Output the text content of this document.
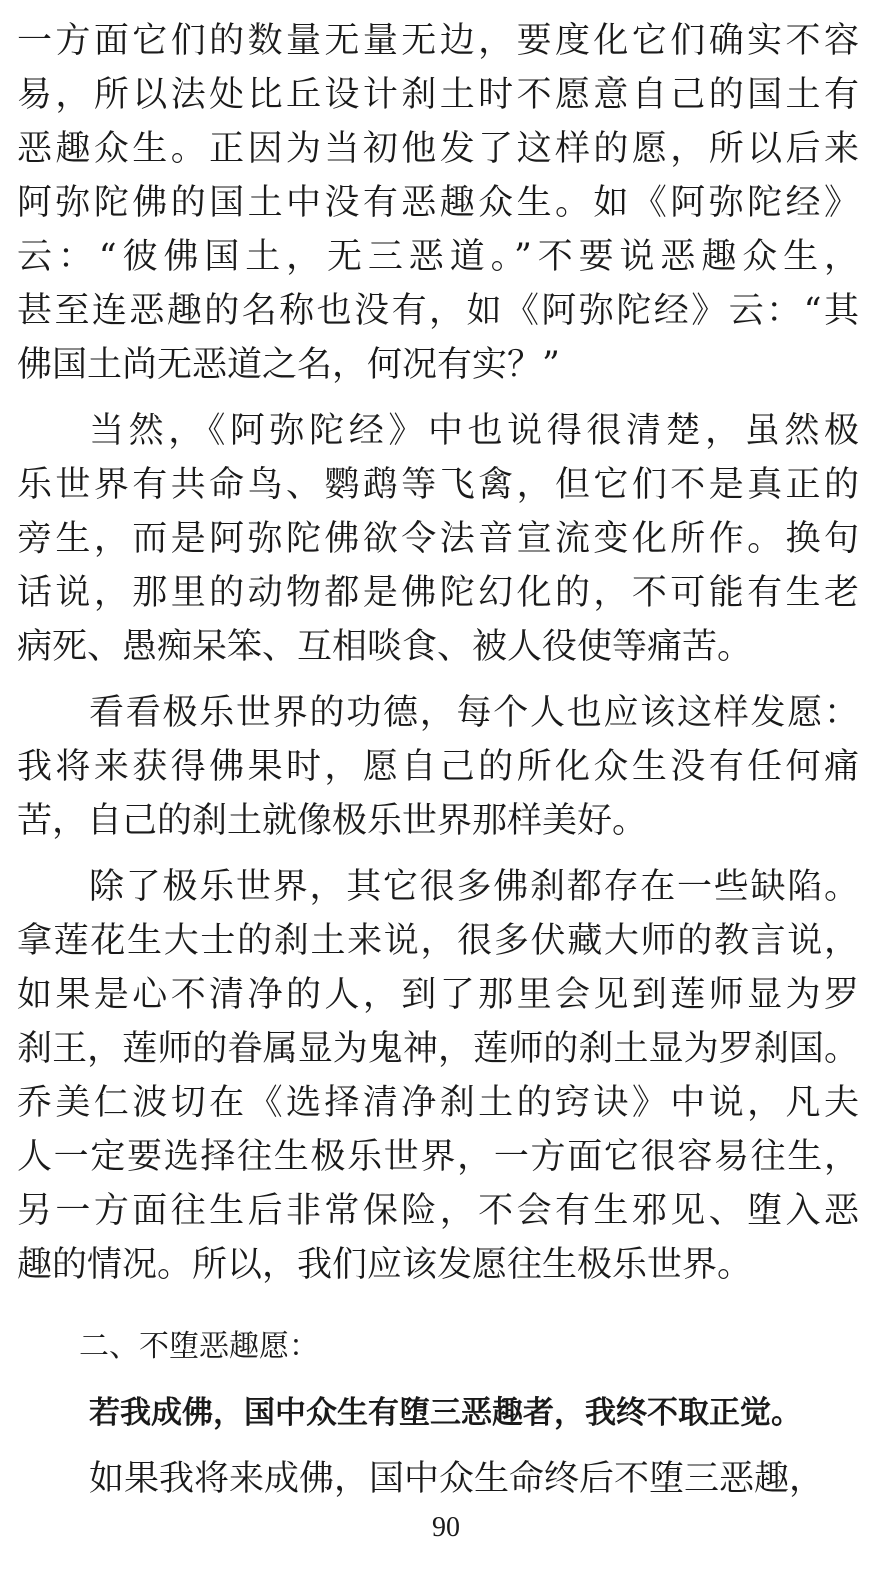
一方面它们的数量无量无边，要度化它们确实不容
易，所以法处比丘设计刹土时不愿意自己的国土有
恶趣众生。正因为当初他发了这样的愿，所以后来
阿弥陀佛的国土中没有恶趣众生。如《阿弥陀经》
云：“彼佛国土，无三恶道。”不要说恶趣众生，
甚至连恶趣的名称也没有，如《阿弥陀经》云：“其
佛国土尚无恶道之名，何况有实？”
当然，《阿弥陀经》中也说得很清楚，虽然极
乐世界有共命鸟、鹦鹉等飞禽，但它们不是真正的
旁生，而是阿弥陀佛欲令法音宣流变化所作。换句
话说，那里的动物都是佛陀幻化的，不可能有生老
病死、愚痴呆笨、互相啖食、被人役使等痛苦。
看看极乐世界的功德，每个人也应该这样发愿：
我将来获得佛果时，愿自己的所化众生没有任何痛
苦，自己的刹土就像极乐世界那样美好。
除了极乐世界，其它很多佛刹都存在一些缺陷。
拿莲花生大士的刹土来说，很多伏藏大师的教言说，
如果是心不清净的人，到了那里会见到莲师显为罗
刹王，莲师的眷属显为鬼神，莲师的刹土显为罗刹国。
乔美仁波切在《选择清净刹土的窍诀》中说，凡夫
人一定要选择往生极乐世界，一方面它很容易往生，
另一方面往生后非常保险，不会有生邪见、堕入恶
趣的情况。所以，我们应该发愿往生极乐世界。
二、不堕恶趣愿：
若我成佛，国中众生有堕三恶趣者，我终不取正觉。
如果我将来成佛，国中众生命终后不堕三恶趣，
90
